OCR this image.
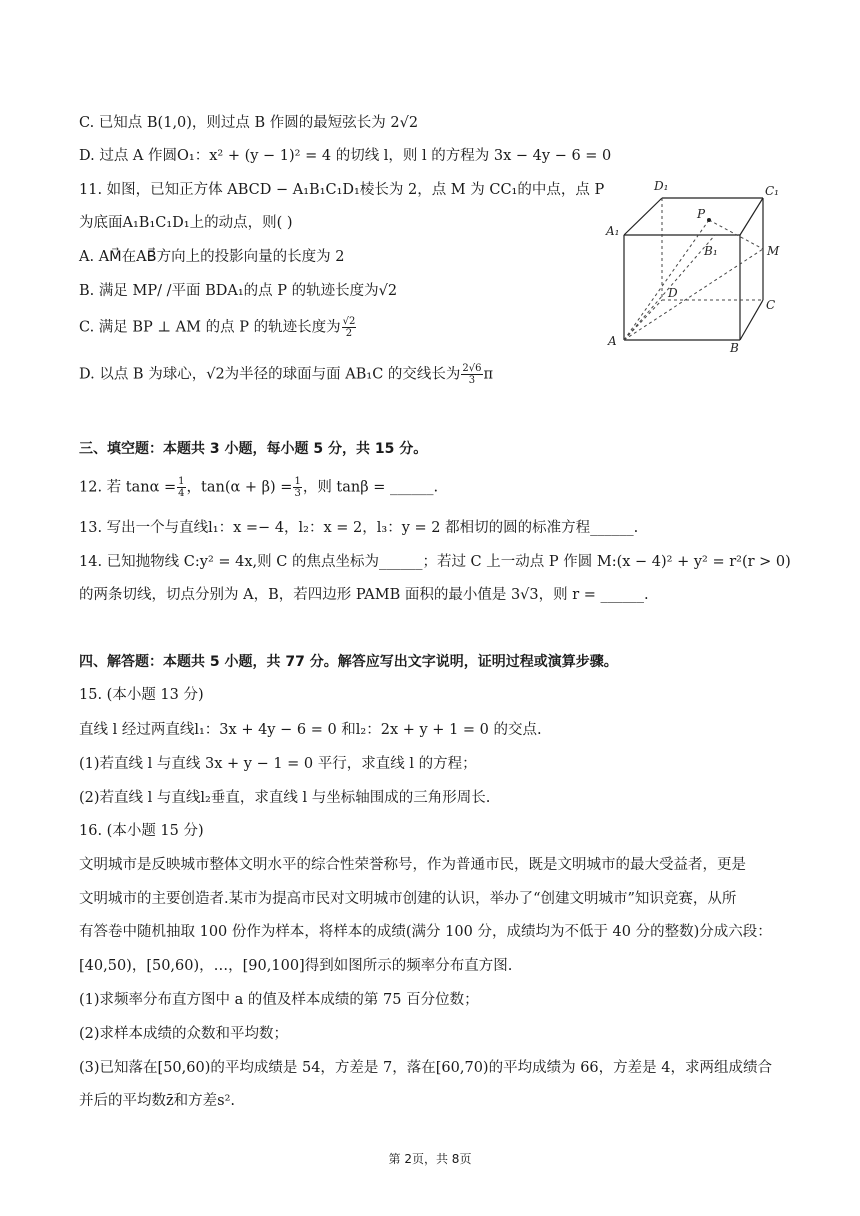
C. 已知点 B(1,0)，则过点 B 作圆的最短弦长为 2√2
D. 过点 A 作圆O₁：x² + (y − 1)² = 4 的切线 l，则 l 的方程为 3x − 4y − 6 = 0
11. 如图，已知正方体 ABCD − A₁B₁C₁D₁棱长为 2，点 M 为 CC₁的中点，点 P
为底面A₁B₁C₁D₁上的动点，则( )
A. AM⃗在AB⃗方向上的投影向量的长度为 2
B. 满足 MP/ /平面 BDA₁的点 P 的轨迹长度为√2
C. 满足 BP ⊥ AM 的点 P 的轨迹长度为 $\frac{√2}{2}$
D. 以点 B 为球心，√2为半径的球面与面 AB₁C 的交线长为 $\frac{2√6}{3}$ π
D₁	C₁
A₁
P
B₁	M
D
C
A	B
三、填空题：本题共 3 小题，每小题 5 分，共 15 分。
12. 若 $\tan\alpha = \frac{1}{4}$ ，$\tan(\alpha + \beta) = \frac{1}{3}$ ，则 tanβ = ______.
13. 写出一个与直线l₁：x =− 4，l₂：x = 2，l₃：y = 2 都相切的圆的标准方程______.
14. 已知抛物线 C:y² = 4x,则 C 的焦点坐标为______；若过 C 上一动点 P 作圆 M:(x − 4)² + y² = r²(r > 0)
的两条切线，切点分别为 A，B，若四边形 PAMB 面积的最小值是 3√3，则 r = ______.
四、解答题：本题共 5 小题，共 77 分。解答应写出文字说明，证明过程或演算步骤。
15. (本小题 13 分)
直线 l 经过两直线l₁：3x + 4y − 6 = 0 和l₂：2x + y + 1 = 0 的交点.
(1)若直线 l 与直线 3x + y − 1 = 0 平行，求直线 l 的方程；
(2)若直线 l 与直线l₂垂直，求直线 l 与坐标轴围成的三角形周长.
16. (本小题 15 分)
文明城市是反映城市整体文明水平的综合性荣誉称号，作为普通市民，既是文明城市的最大受益者，更是
文明城市的主要创造者.某市为提高市民对文明城市创建的认识，举办了“创建文明城市”知识竞赛，从所
有答卷中随机抽取 100 份作为样本，将样本的成绩(满分 100 分，成绩均为不低于 40 分的整数)分成六段：
[40,50)，[50,60)，…，[90,100]得到如图所示的频率分布直方图.
(1)求频率分布直方图中 a 的值及样本成绩的第 75 百分位数；
(2)求样本成绩的众数和平均数；
(3)已知落在[50,60)的平均成绩是 54，方差是 7，落在[60,70)的平均成绩为 66，方差是 4，求两组成绩合
并后的平均数z̄和方差s².
第 2页，共 8页
